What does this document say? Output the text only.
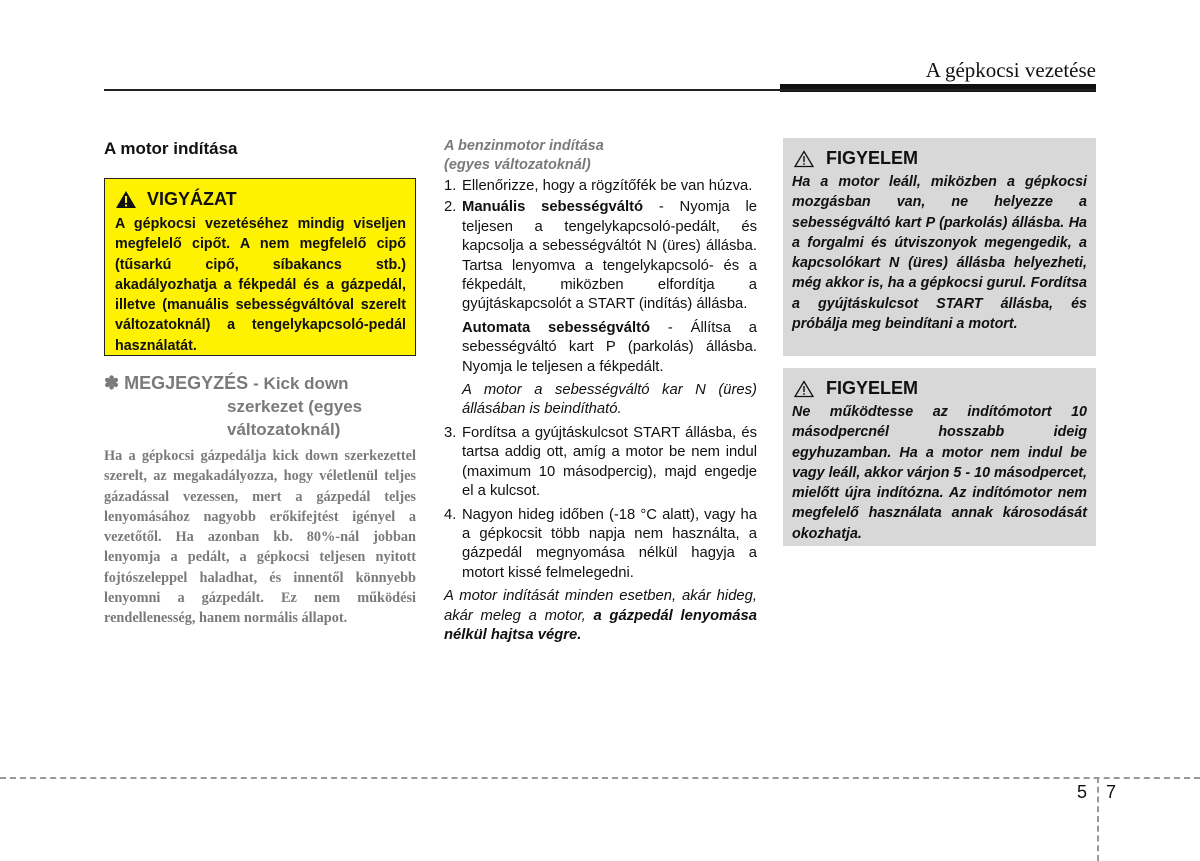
A gépkocsi vezetése
A motor indítása
VIGYÁZAT
A gépkocsi vezetéséhez mindig viseljen megfelelő cipőt. A nem megfelelő cipő (tűsarkú cipő, síbakancs stb.) akadályozhatja a fékpedál és a gázpedál, illetve (manuális sebességváltóval szerelt változatoknál) a tengelykapcsoló-pedál használatát.
✽ MEGJEGYZÉS - Kick down
szerkezet (egyes
változatoknál)
Ha a gépkocsi gázpedálja kick down szerkezettel szerelt, az megakadályozza, hogy véletlenül teljes gázadással vezessen, mert a gázpedál teljes lenyomásához nagyobb erőkifejtést igényel a vezetőtől. Ha azonban kb. 80%-nál jobban lenyomja a pedált, a gépkocsi teljesen nyitott fojtószeleppel haladhat, és innentől könnyebb lenyomni a gázpedált. Ez nem működési rendellenesség, hanem normális állapot.
A benzinmotor indítása
(egyes változatoknál)
1. Ellenőrizze, hogy a rögzítőfék be van húzva.
2. Manuális sebességváltó - Nyomja le teljesen a tengelykapcsoló-pedált, és kapcsolja a sebességváltót N (üres) állásba. Tartsa lenyomva a tengelykapcsoló- és a fékpedált, miközben elfordítja a gyújtáskapcsolót a START (indítás) állásba.
Automata sebességváltó - Állítsa a sebességváltó kart P (parkolás) állásba. Nyomja le teljesen a fékpedált.
A motor a sebességváltó kar N (üres) állásában is beindítható.
3. Fordítsa a gyújtáskulcsot START állásba, és tartsa addig ott, amíg a motor be nem indul (maximum 10 másodpercig), majd engedje el a kulcsot.
4. Nagyon hideg időben (-18 °C alatt), vagy ha a gépkocsit több napja nem használta, a gázpedál megnyomása nélkül hagyja a motort kissé felmelegedni.
A motor indítását minden esetben, akár hideg, akár meleg a motor, a gázpedál lenyomása nélkül hajtsa végre.
FIGYELEM
Ha a motor leáll, miközben a gépkocsi mozgásban van, ne helyezze a sebességváltó kart P (parkolás) állásba. Ha a forgalmi és útviszonyok megengedik, a kapcsolókart N (üres) állásba helyezheti, még akkor is, ha a gépkocsi gurul. Fordítsa a gyújtáskulcsot START állásba, és próbálja meg beindítani a motort.
FIGYELEM
Ne működtesse az indítómotort 10 másodpercnél hosszabb ideig egyhuzamban. Ha a motor nem indul be vagy leáll, akkor várjon 5 - 10 másodpercet, mielőtt újra indítózna. Az indítómotor nem megfelelő használata annak károsodását okozhatja.
5 7
